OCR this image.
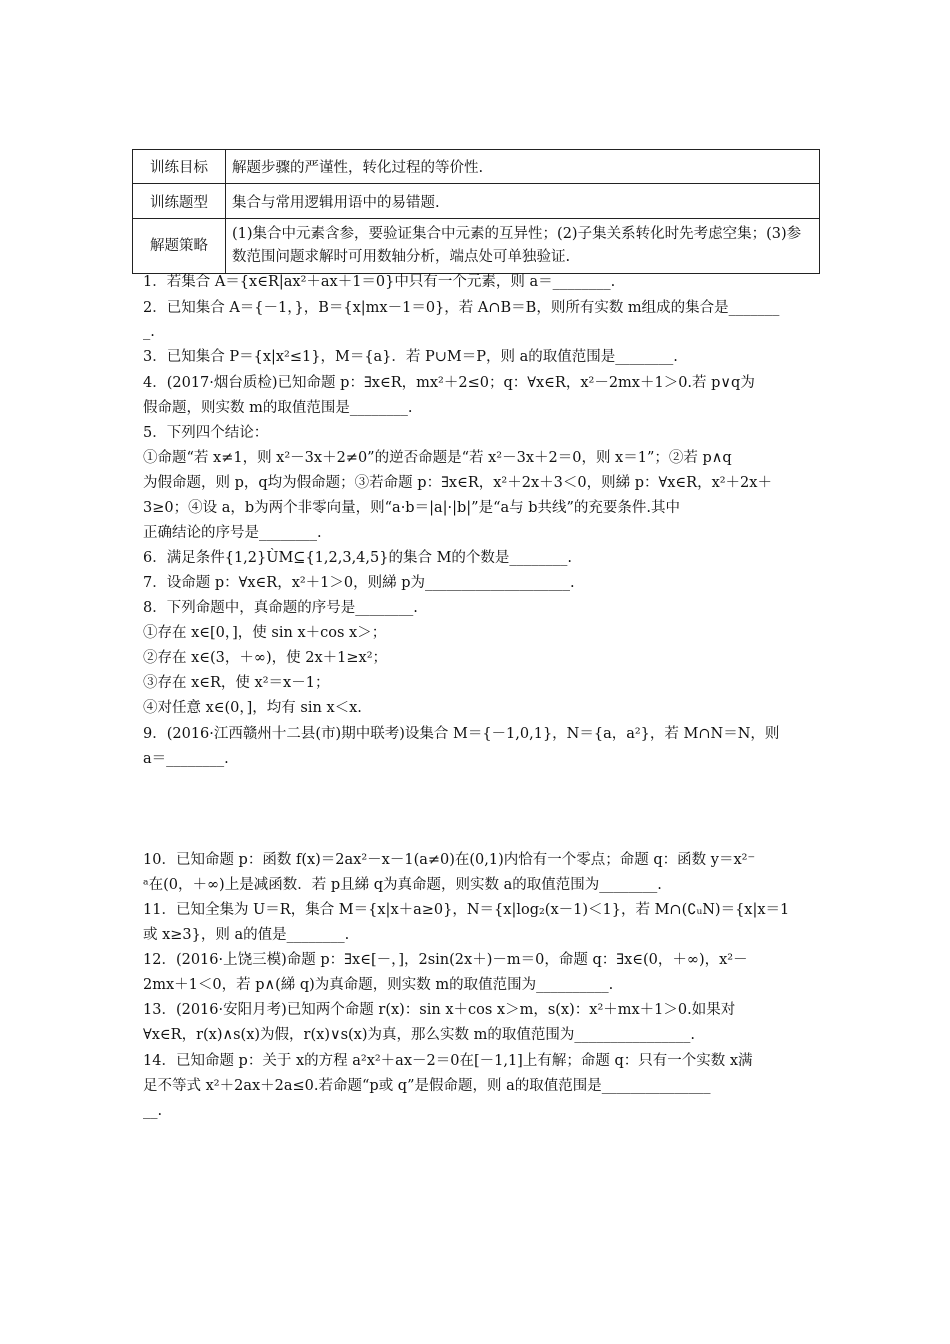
训练目标	解题步骤的严谨性，转化过程的等价性.
训练题型	集合与常用逻辑用语中的易错题.
解题策略	(1)集合中元素含参，要验证集合中元素的互异性；(2)子集关系转化时先考虑空集；(3)参数范围问题求解时可用数轴分析，端点处可单独验证.
1．若集合 A＝{x∈R|ax²＋ax＋1＝0}中只有一个元素，则 a＝________.
2．已知集合 A＝{－1，}，B＝{x|mx－1＝0}，若 A∩B＝B，则所有实数 m组成的集合是_______
_.
3．已知集合 P＝{x|x²≤1}，M＝{a}．若 P∪M＝P，则 a的取值范围是________.
4．(2017·烟台质检)已知命题 p：∃x∈R，mx²＋2≤0；q：∀x∈R，x²－2mx＋1＞0.若 p∨q为
假命题，则实数 m的取值范围是________.
5．下列四个结论：
①命题“若 x≠1，则 x²－3x＋2≠0”的逆否命题是“若 x²－3x＋2＝0，则 x＝1”；②若 p∧q
为假命题，则 p，q均为假命题；③若命题 p：∃x∈R，x²＋2x＋3＜0，则綈 p：∀x∈R，x²＋2x＋
3≥0；④设 a，b为两个非零向量，则“a·b＝|a|·|b|”是“a与 b共线”的充要条件.其中
正确结论的序号是________.
6．满足条件{1,2}ÙM⊆{1,2,3,4,5}的集合 M的个数是________.
7．设命题 p：∀x∈R，x²＋1＞0，则綈 p为____________________.
8．下列命题中，真命题的序号是________.
①存在 x∈[0，]，使 sin x＋cos x＞；
②存在 x∈(3，＋∞)，使 2x＋1≥x²；
③存在 x∈R，使 x²＝x－1；
④对任意 x∈(0，]，均有 sin x＜x.
9．(2016·江西赣州十二县(市)期中联考)设集合 M＝{－1,0,1}，N＝{a，a²}，若 M∩N＝N，则
a＝________.
10．已知命题 p：函数 f(x)＝2ax²－x－1(a≠0)在(0,1)内恰有一个零点；命题 q：函数 y＝x²⁻
ᵃ在(0，＋∞)上是减函数．若 p且綈 q为真命题，则实数 a的取值范围为________.
11．已知全集为 U＝R，集合 M＝{x|x＋a≥0}，N＝{x|log₂(x－1)＜1}，若 M∩(∁ᵤN)＝{x|x＝1
或 x≥3}，则 a的值是________.
12．(2016·上饶三模)命题 p：∃x∈[－，]，2sin(2x＋)－m＝0，命题 q：∃x∈(0，＋∞)，x²－
2mx＋1＜0，若 p∧(綈 q)为真命题，则实数 m的取值范围为__________.
13．(2016·安阳月考)已知两个命题 r(x)：sin x＋cos x＞m，s(x)：x²＋mx＋1＞0.如果对
∀x∈R，r(x)∧s(x)为假，r(x)∨s(x)为真，那么实数 m的取值范围为________________.
14．已知命题 p：关于 x的方程 a²x²＋ax－2＝0在[－1,1]上有解；命题 q：只有一个实数 x满
足不等式 x²＋2ax＋2a≤0.若命题“p或 q”是假命题，则 a的取值范围是_______________
__.
